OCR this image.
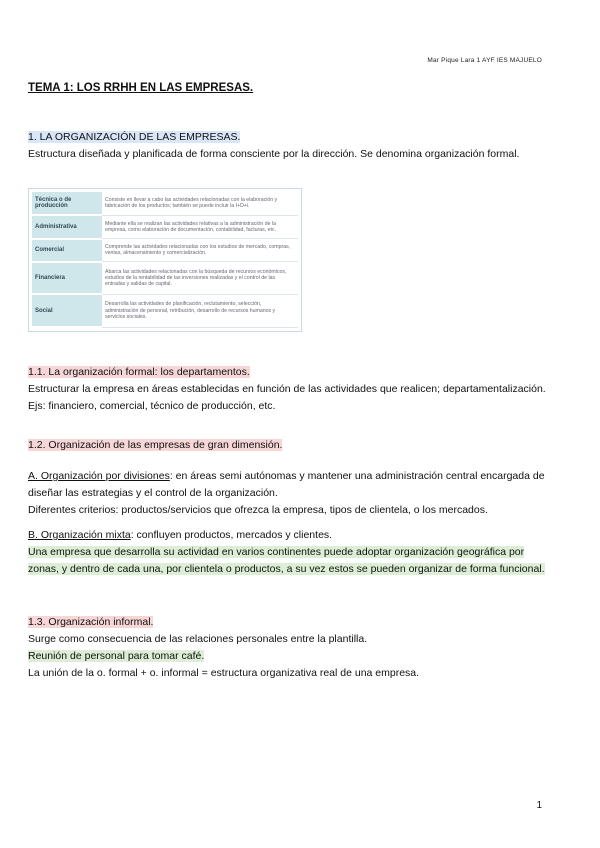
Mar Pique Lara 1 AYF IES MAJUELO
TEMA 1: LOS RRHH EN LAS EMPRESAS.
1. LA ORGANIZACIÓN DE LAS EMPRESAS.
Estructura diseñada y planificada de forma consciente por la dirección. Se denomina organización formal.
Técnica o de producción	Consiste en llevar a cabo las actividades relacionadas con la elaboración y fabricación de los productos; también se puede incluir la I+D+i.
Administrativa	Mediante ella se realizan las actividades relativas a la administración de la empresa, como elaboración de documentación, contabilidad, facturas, etc.
Comercial	Comprende las actividades relacionadas con los estudios de mercado, compras, ventas, almacenamiento y comercialización.
Financiera	Abarca las actividades relacionadas con la búsqueda de recursos económicos, estudios de la rentabilidad de las inversiones realizadas y el control de las entradas y salidas de capital.
Social	Desarrolla las actividades de planificación, reclutamiento, selección, administración de personal, retribución, desarrollo de recursos humanos y servicios sociales.
1.1. La organización formal: los departamentos.
Estructurar la empresa en áreas establecidas en función de las actividades que realicen; departamentalización. Ejs: financiero, comercial, técnico de producción, etc.
1.2. Organización de las empresas de gran dimensión.
A. Organización por divisiones: en áreas semi autónomas y mantener una administración central encargada de diseñar las estrategias y el control de la organización.
Diferentes criterios: productos/servicios que ofrezca la empresa, tipos de clientela, o los mercados.
B. Organización mixta: confluyen productos, mercados y clientes.
Una empresa que desarrolla su actividad en varios continentes puede adoptar organización geográfica por zonas, y dentro de cada una, por clientela o productos, a su vez estos se pueden organizar de forma funcional.
1.3. Organización informal.
Surge como consecuencia de las relaciones personales entre la plantilla.
Reunión de personal para tomar café.
La unión de la o. formal + o. informal = estructura organizativa real de una empresa.
1
